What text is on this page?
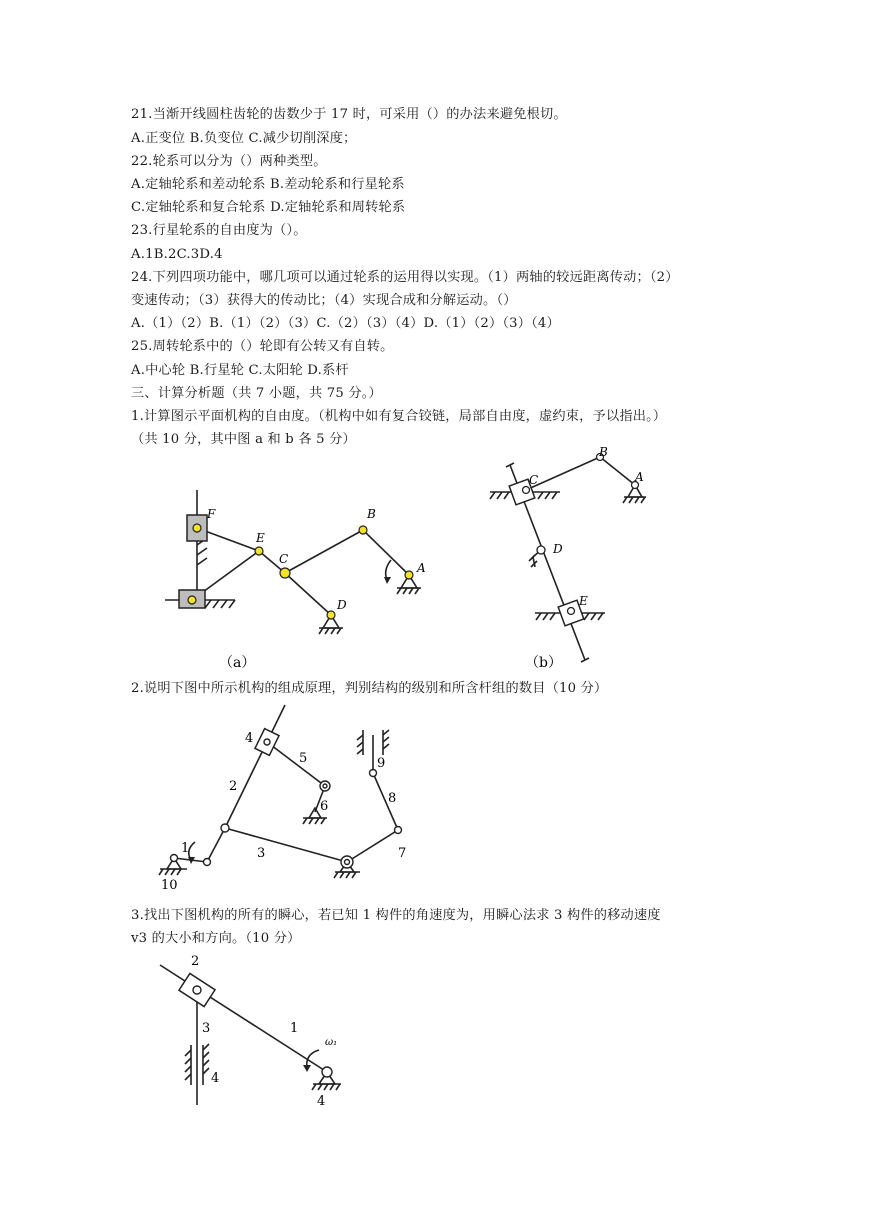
21.当渐开线圆柱齿轮的齿数少于 17 时，可采用（）的办法来避免根切。
A.正变位 B.负变位 C.减少切削深度；
22.轮系可以分为（）两种类型。
A.定轴轮系和差动轮系 B.差动轮系和行星轮系
C.定轴轮系和复合轮系 D.定轴轮系和周转轮系
23.行星轮系的自由度为（）。
A.1B.2C.3D.4
24.下列四项功能中，哪几项可以通过轮系的运用得以实现。（1）两轴的较远距离传动；（2）
变速传动；（3）获得大的传动比；（4）实现合成和分解运动。（）
A.（1）（2）B.（1）（2）（3）C.（2）（3）（4）D.（1）（2）（3）（4）
25.周转轮系中的（）轮即有公转又有自转。
A.中心轮 B.行星轮 C.太阳轮 D.系杆
三、计算分析题（共 7 小题，共 75 分。）
1.计算图示平面机构的自由度。（机构中如有复合铰链，局部自由度，虚约束，予以指出。）
（共 10 分，其中图 a 和 b 各 5 分）
2.说明下图中所示机构的组成原理，判别结构的级别和所含杆组的数目（10 分）
3.找出下图机构的所有的瞬心，若已知 1 构件的角速度为，用瞬心法求 3 构件的移动速度
v3 的大小和方向。（10 分）
F
E
C
B
A
D
（a）
C
B
A
D
E
（b）
4
5
2
6
9
8
3	7
1
10
2
3	1
ω₁
4
4
